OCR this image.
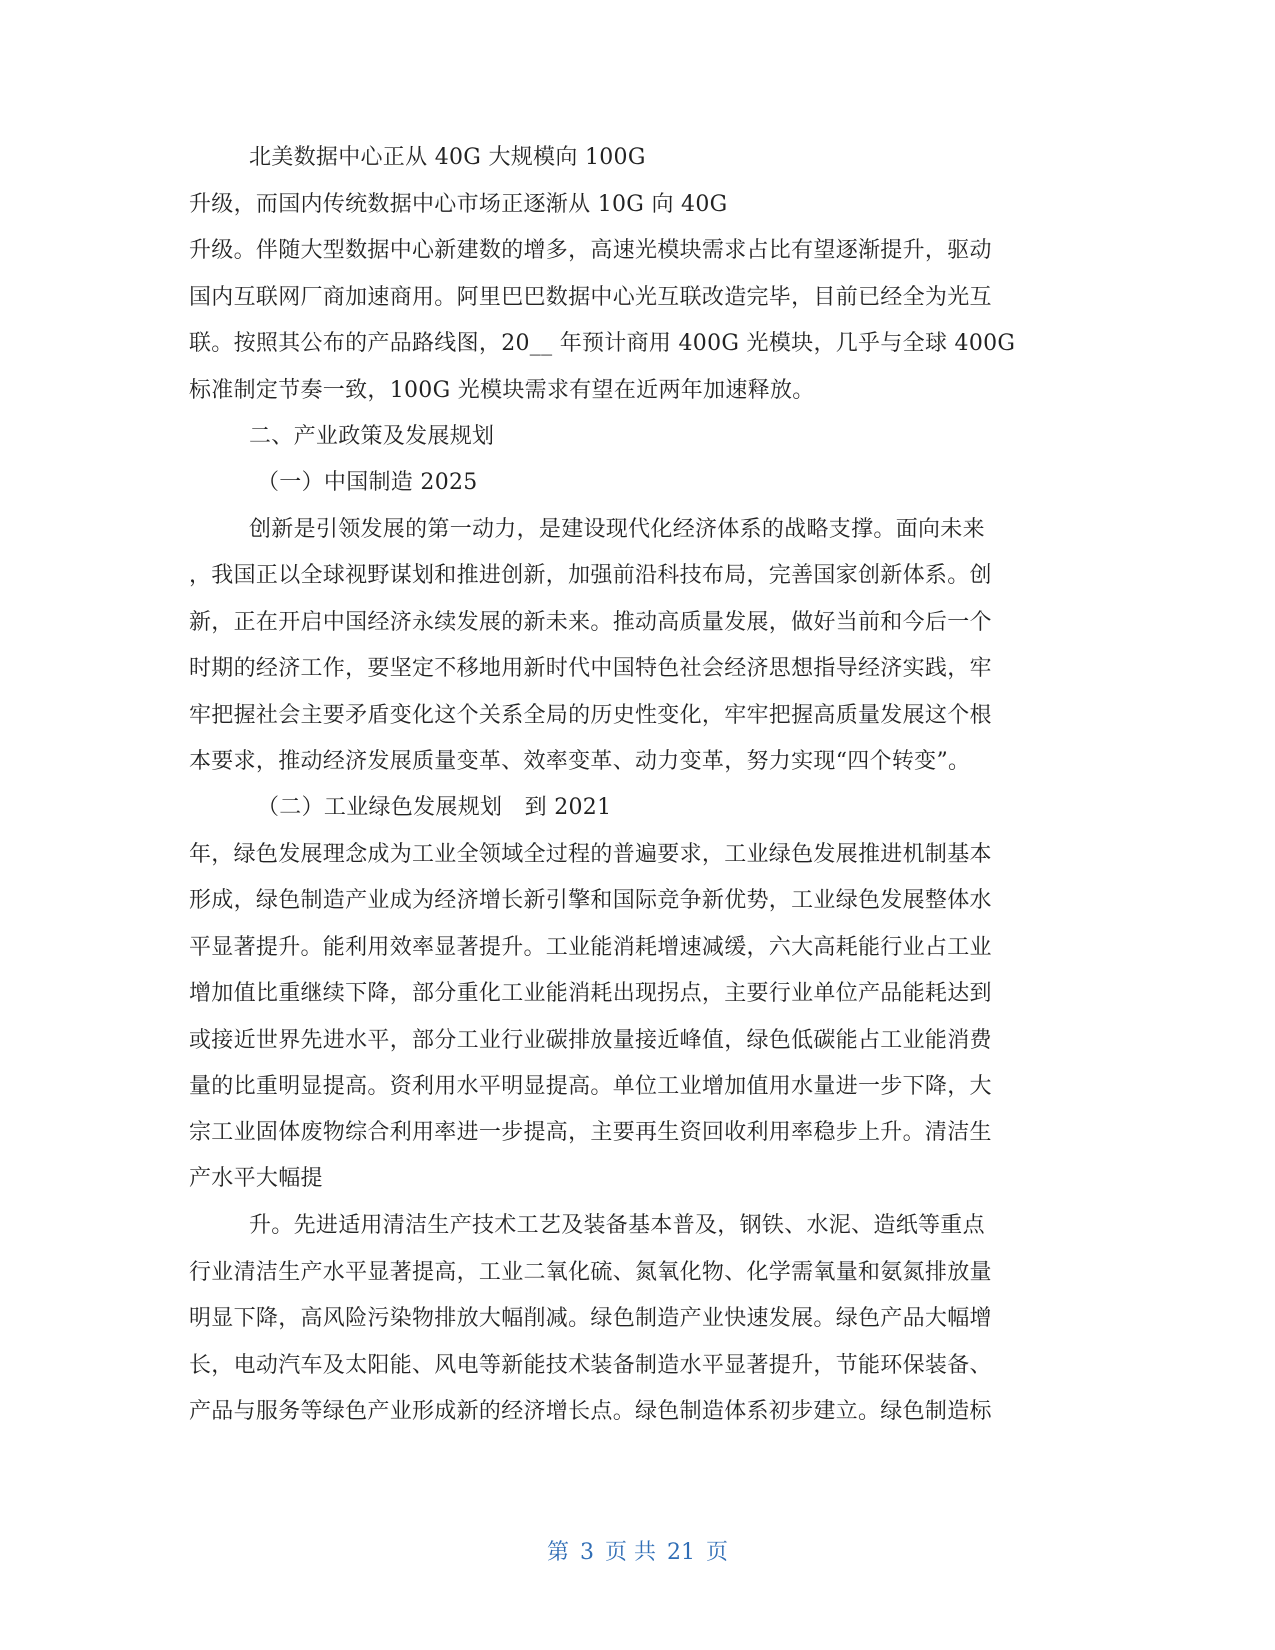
北美数据中心正从 40G 大规模向 100G
升级，而国内传统数据中心市场正逐渐从 10G 向 40G
升级。伴随大型数据中心新建数的增多，高速光模块需求占比有望逐渐提升，驱动
国内互联网厂商加速商用。阿里巴巴数据中心光互联改造完毕，目前已经全为光互
联。按照其公布的产品路线图，20__ 年预计商用 400G 光模块，几乎与全球 400G
标准制定节奏一致，100G 光模块需求有望在近两年加速释放。
二、产业政策及发展规划
（一）中国制造 2025
创新是引领发展的第一动力，是建设现代化经济体系的战略支撑。面向未来
，我国正以全球视野谋划和推进创新，加强前沿科技布局，完善国家创新体系。创
新，正在开启中国经济永续发展的新未来。推动高质量发展，做好当前和今后一个
时期的经济工作，要坚定不移地用新时代中国特色社会经济思想指导经济实践，牢
牢把握社会主要矛盾变化这个关系全局的历史性变化，牢牢把握高质量发展这个根
本要求，推动经济发展质量变革、效率变革、动力变革，努力实现“四个转变”。
（二）工业绿色发展规划　到 2021
年，绿色发展理念成为工业全领域全过程的普遍要求，工业绿色发展推进机制基本
形成，绿色制造产业成为经济增长新引擎和国际竞争新优势，工业绿色发展整体水
平显著提升。能利用效率显著提升。工业能消耗增速减缓，六大高耗能行业占工业
增加值比重继续下降，部分重化工业能消耗出现拐点，主要行业单位产品能耗达到
或接近世界先进水平，部分工业行业碳排放量接近峰值，绿色低碳能占工业能消费
量的比重明显提高。资利用水平明显提高。单位工业增加值用水量进一步下降，大
宗工业固体废物综合利用率进一步提高，主要再生资回收利用率稳步上升。清洁生
产水平大幅提
升。先进适用清洁生产技术工艺及装备基本普及，钢铁、水泥、造纸等重点
行业清洁生产水平显著提高，工业二氧化硫、氮氧化物、化学需氧量和氨氮排放量
明显下降，高风险污染物排放大幅削减。绿色制造产业快速发展。绿色产品大幅增
长，电动汽车及太阳能、风电等新能技术装备制造水平显著提升，节能环保装备、
产品与服务等绿色产业形成新的经济增长点。绿色制造体系初步建立。绿色制造标
第 3 页 共 21 页
